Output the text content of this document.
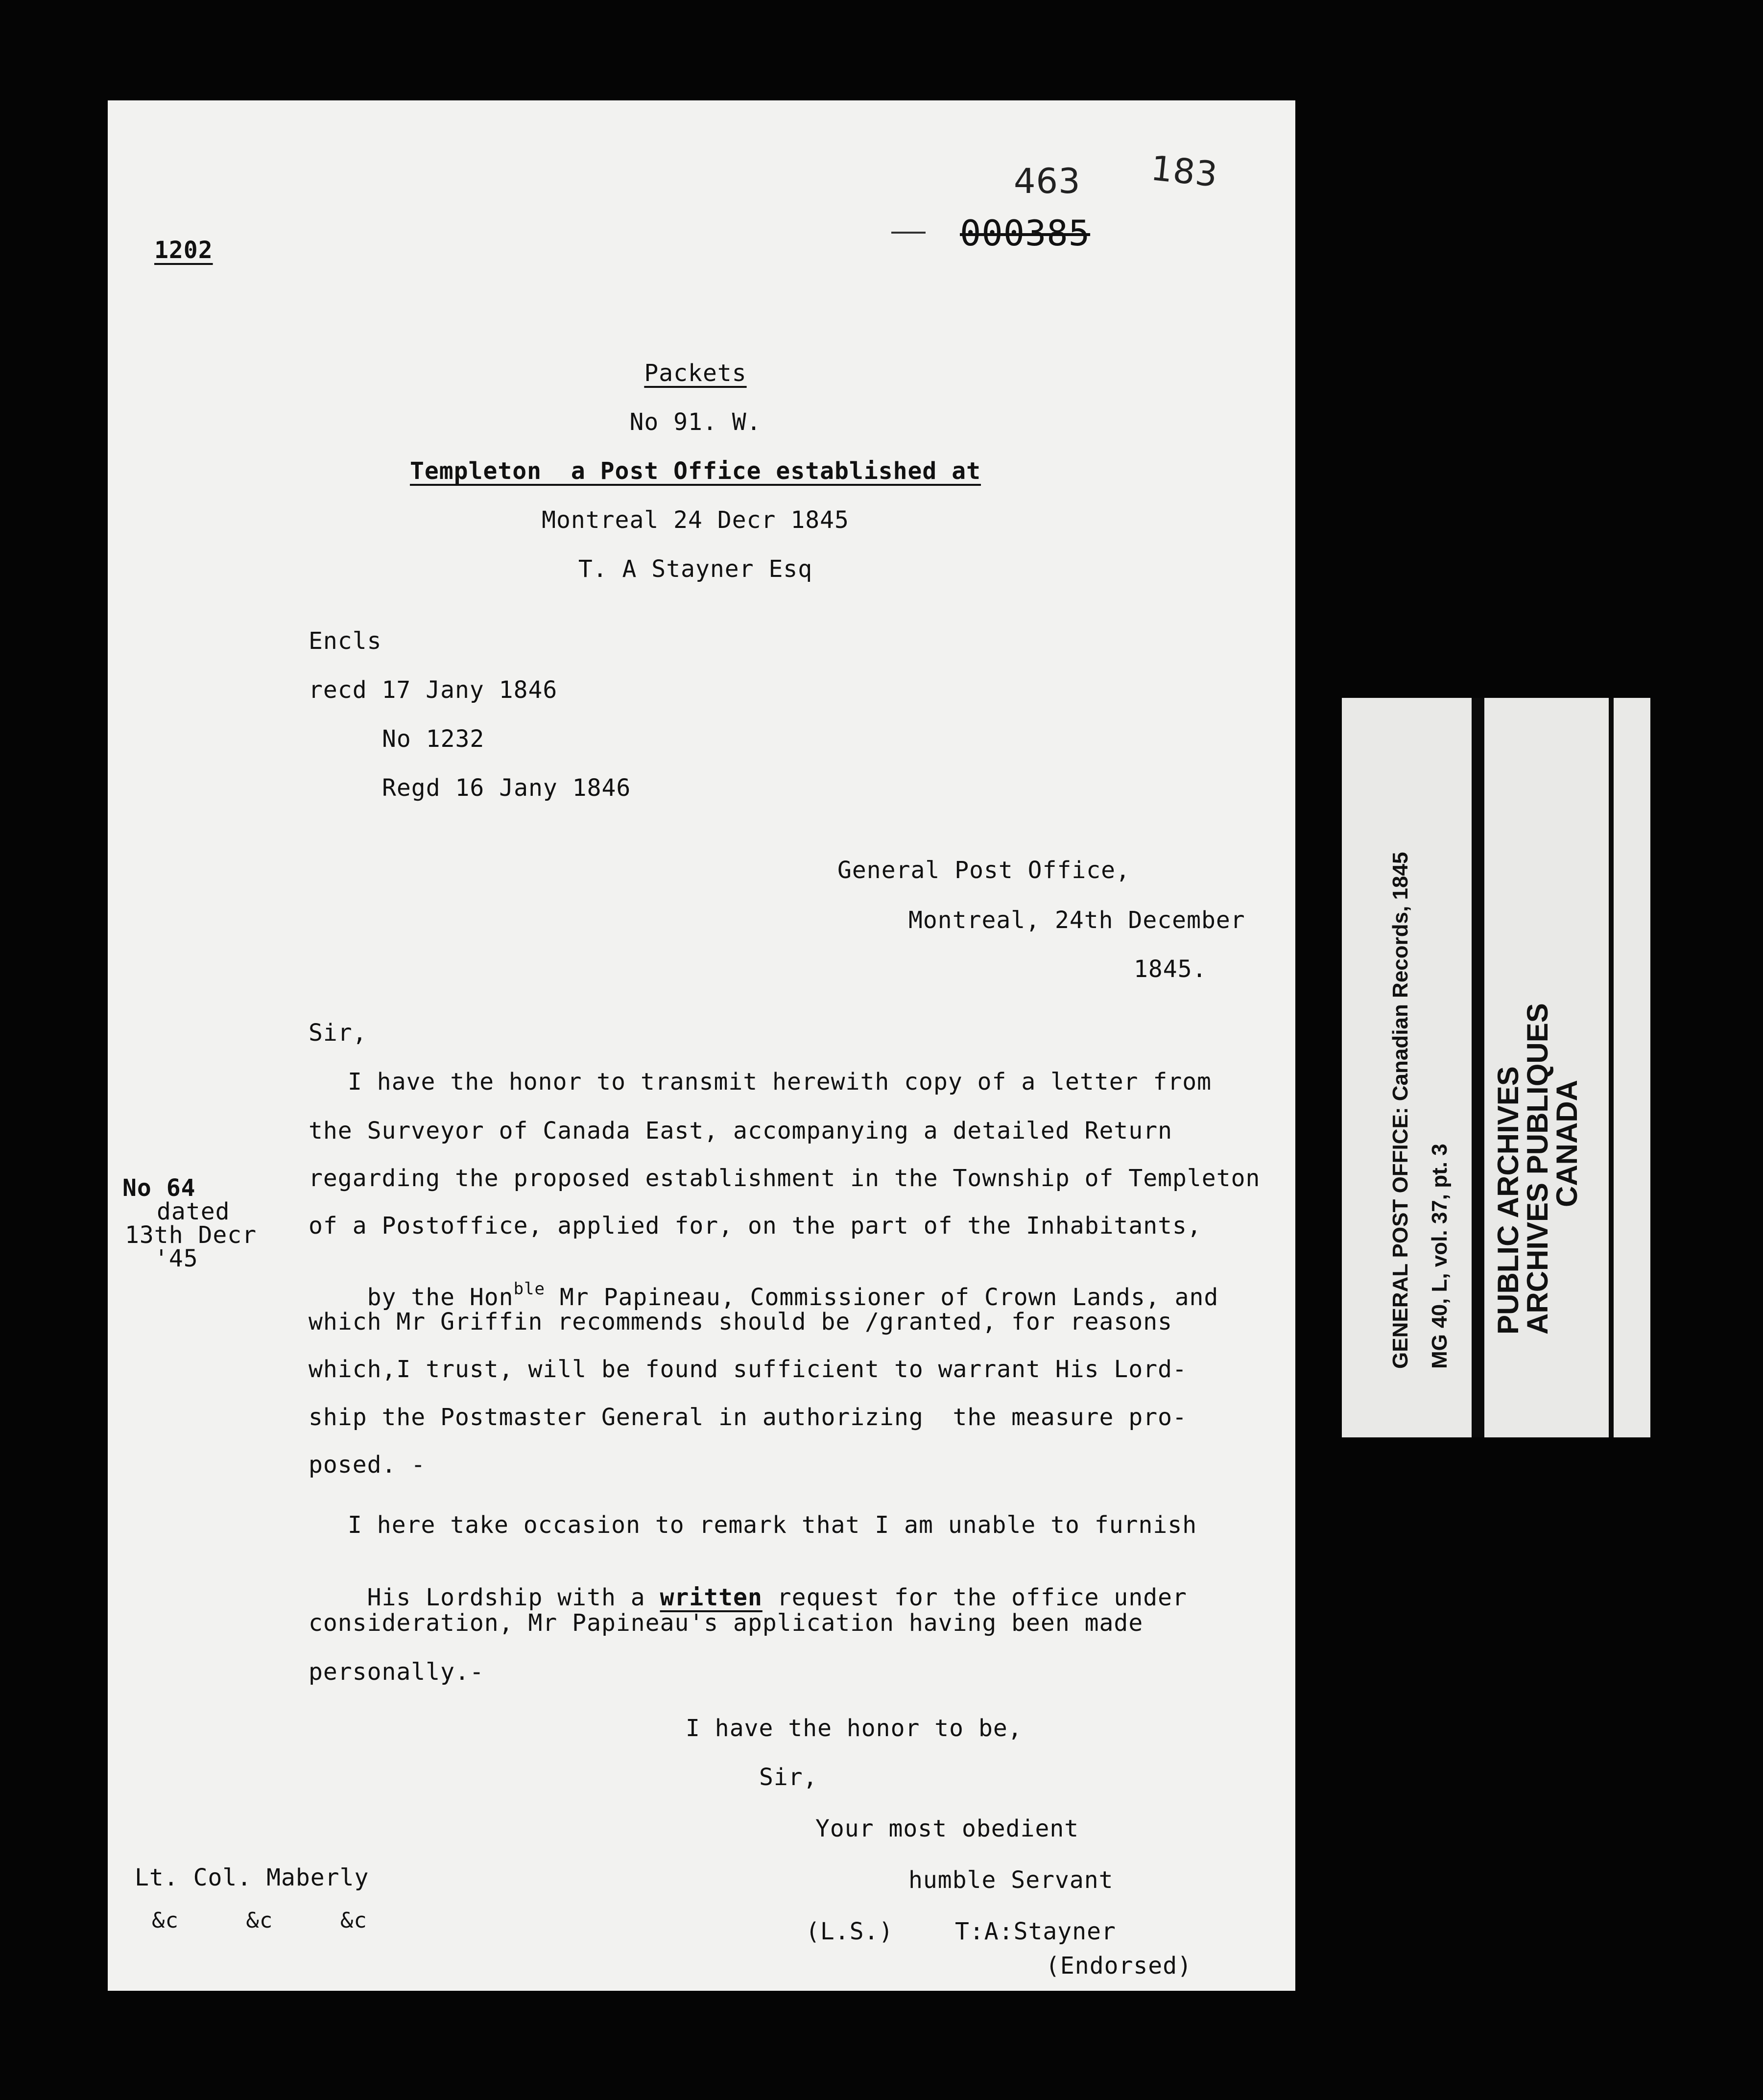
1202
463 183
000385
Packets
No 91. W.
Templeton  a Post Office established at
Montreal 24 Decr 1845
T. A Stayner Esq
Encls
recd 17 Jany 1846
No 1232
Regd 16 Jany 1846
General Post Office,
Montreal, 24th December
1845.
No 64
dated
13th Decr
'45
Sir,
I have the honor to transmit herewith copy of a letter from
the Surveyor of Canada East, accompanying a detailed Return
regarding the proposed establishment in the Township of Templeton
of a Postoffice, applied for, on the part of the Inhabitants,

by the Hon$^{ble}$ Mr Papineau, Commissioner of Crown Lands, and

which Mr Griffin recommends should be /granted, for reasons
which,I trust, will be found sufficient to warrant His Lord-
ship the Postmaster General in authorizing  the measure pro-
posed. -
I here take occasion to remark that I am unable to furnish

His Lordship with a written request for the office under

consideration, Mr Papineau's application having been made
personally.-
I have the honor to be,
Sir,
Your most obedient
humble Servant
(L.S.)	T:A:Stayner
(Endorsed)
Lt. Col. Maberly
&c     &c     &c
GENERAL POST OFFICE: Canadian Records, 1845 MG 40, L, vol. 37, pt. 3 PUBLIC ARCHIVES
ARCHIVES PUBLIQUES
CANADA
